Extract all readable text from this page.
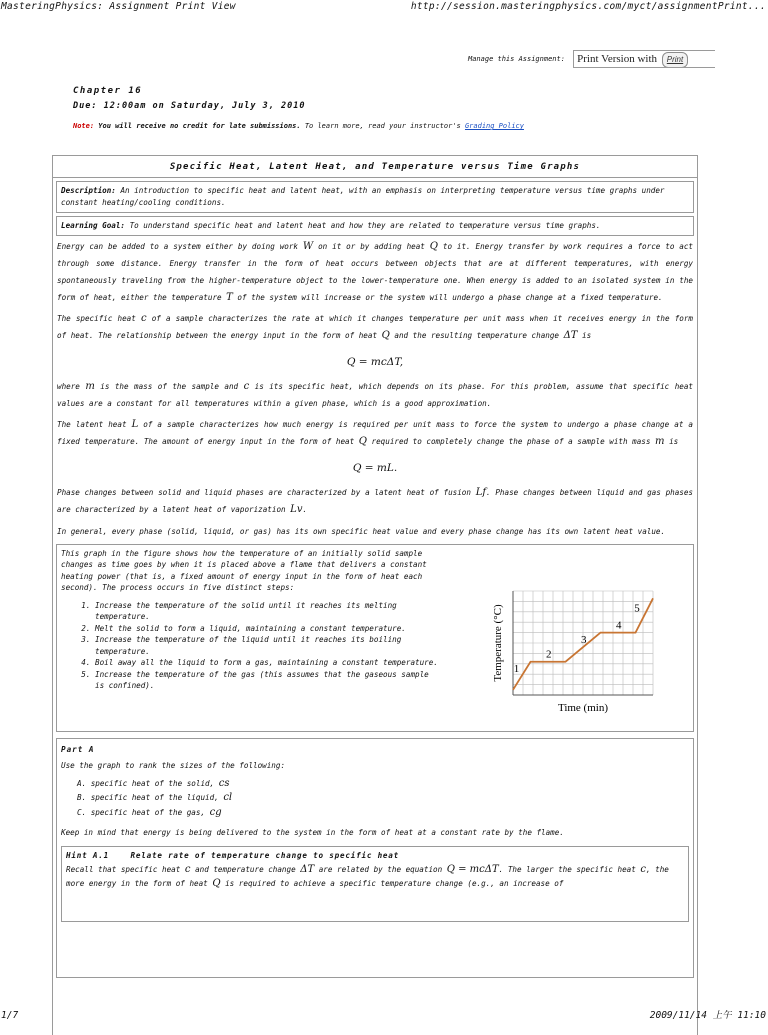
MasteringPhysics: Assignment Print View	http://session.masteringphysics.com/myct/assignmentPrint...
Manage this Assignment: Print Version with Print
Chapter 16
Due: 12:00am on Saturday, July 3, 2010
Note: You will receive no credit for late submissions. To learn more, read your instructor's Grading Policy
Specific Heat, Latent Heat, and Temperature versus Time Graphs
Description: An introduction to specific heat and latent heat, with an emphasis on interpreting temperature versus time graphs under constant heating/cooling conditions.
Learning Goal: To understand specific heat and latent heat and how they are related to temperature versus time graphs.

Energy can be added to a system either by doing work W on it or by adding heat Q to it. Energy transfer by work requires a force to act through some distance. Energy transfer in the form of heat occurs between objects that are at different temperatures, with energy spontaneously traveling from the higher-temperature object to the lower-temperature one. When energy is added to an isolated system in the form of heat, either the temperature T of the system will increase or the system will undergo a phase change at a fixed temperature.

The specific heat c of a sample characterizes the rate at which it changes temperature per unit mass when it receives energy in the form of heat. The relationship between the energy input in the form of heat Q and the resulting temperature change ΔT is

Q = mcΔT,

where m is the mass of the sample and c is its specific heat, which depends on its phase. For this problem, assume that specific heat values are a constant for all temperatures within a given phase, which is a good approximation.

The latent heat L of a sample characterizes how much energy is required per unit mass to force the system to undergo a phase change at a fixed temperature. The amount of energy input in the form of heat Q required to completely change the phase of a sample with mass m is

Q = mL.

Phase changes between solid and liquid phases are characterized by a latent heat of fusion Lf. Phase changes between liquid and gas phases are characterized by a latent heat of vaporization Lv.

In general, every phase (solid, liquid, or gas) has its own specific heat value and every phase change has its own latent heat value.

This graph in the figure shows how the temperature of an initially solid sample changes as time goes by when it is placed above a flame that delivers a constant heating power (that is, a fixed amount of energy input in the form of heat each second). The process occurs in five distinct steps:
1. Increase the temperature of the solid until it reaches its melting temperature.
2. Melt the solid to form a liquid, maintaining a constant temperature.
3. Increase the temperature of the liquid until it reaches its boiling temperature.
4. Boil away all the liquid to form a gas, maintaining a constant temperature.
5. Increase the temperature of the gas (this assumes that the gaseous sample is confined).
1
2
3
4
5
Time (min)
Temperature (°C)
Part A
Use the graph to rank the sizes of the following:
A. specific heat of the solid, cs
B. specific heat of the liquid, cl
C. specific heat of the gas, cg
Keep in mind that energy is being delivered to the system in the form of heat at a constant rate by the flame.
Hint A.1    Relate rate of temperature change to specific heat
Recall that specific heat c and temperature change ΔT are related by the equation Q = mcΔT. The larger the specific heat c, the more energy in the form of heat Q is required to achieve a specific temperature change (e.g., an increase of
1/7	2009/11/14 上午 11:10
